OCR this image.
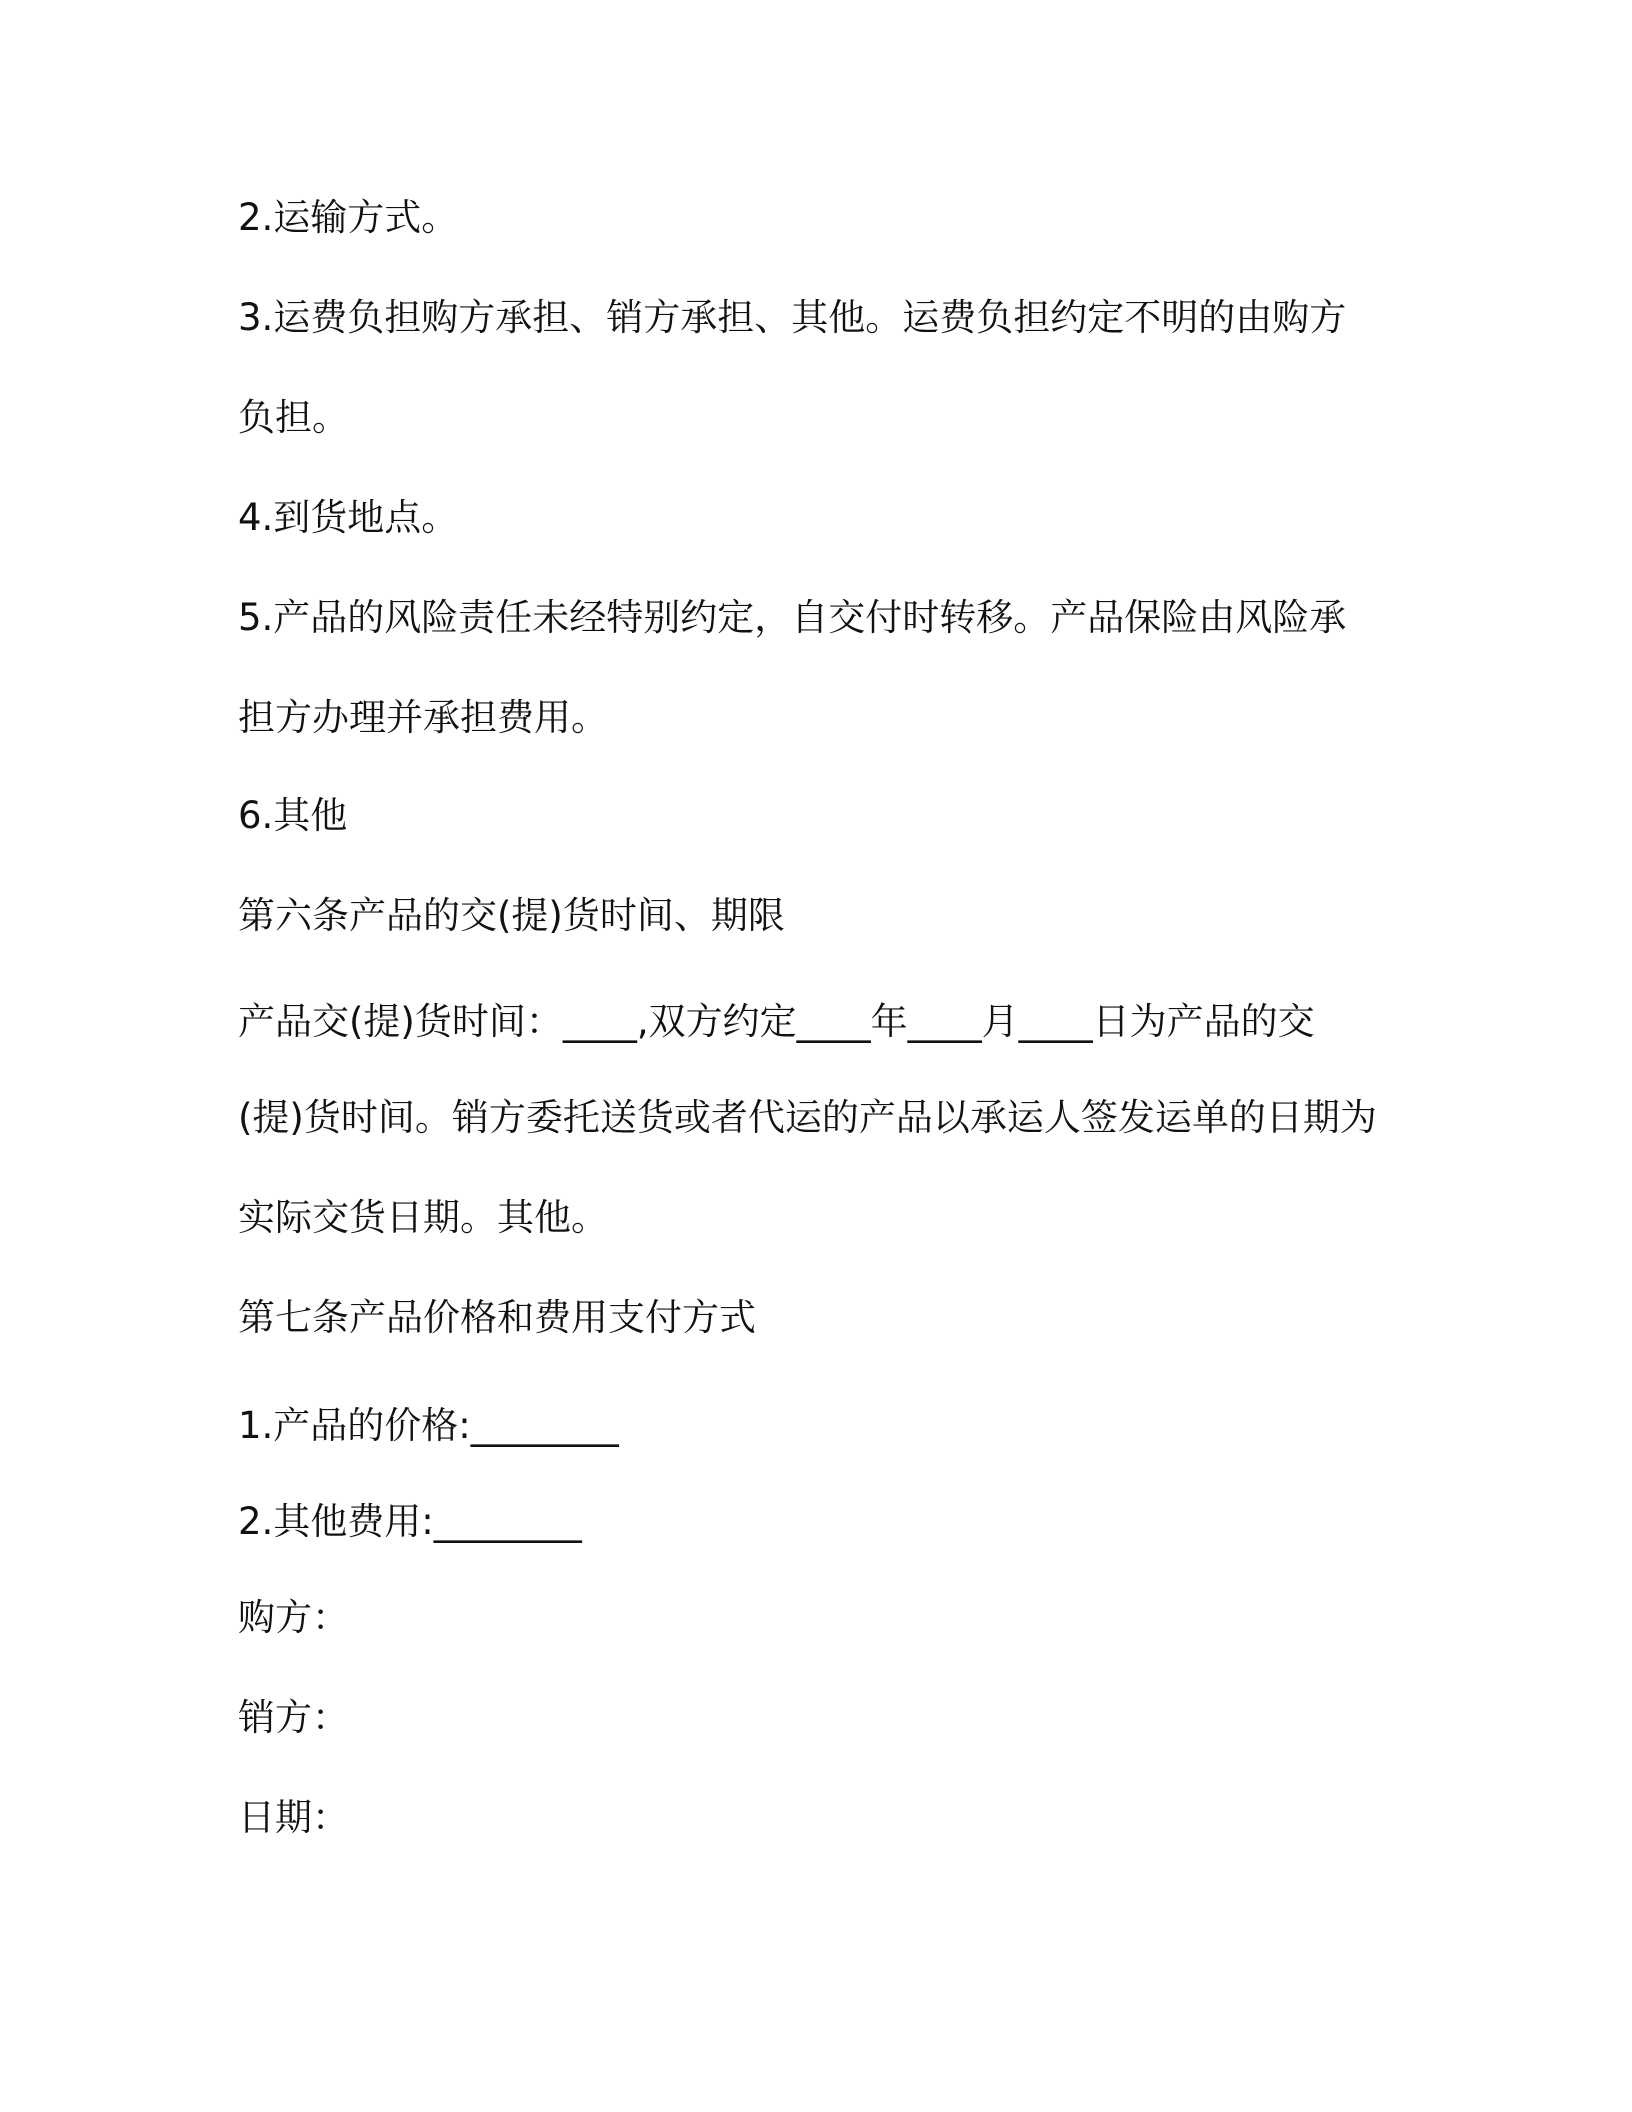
2.运输方式。
3.运费负担购方承担、销方承担、其他。运费负担约定不明的由购方
负担。
4.到货地点。
5.产品的风险责任未经特别约定，自交付时转移。产品保险由风险承
担方办理并承担费用。
6.其他
第六条产品的交(提)货时间、期限
产品交(提)货时间：____,双方约定____年____月____日为产品的交
(提)货时间。销方委托送货或者代运的产品以承运人签发运单的日期为
实际交货日期。其他。
第七条产品价格和费用支付方式
1.产品的价格:________
2.其他费用:________
购方：
销方：
日期：
